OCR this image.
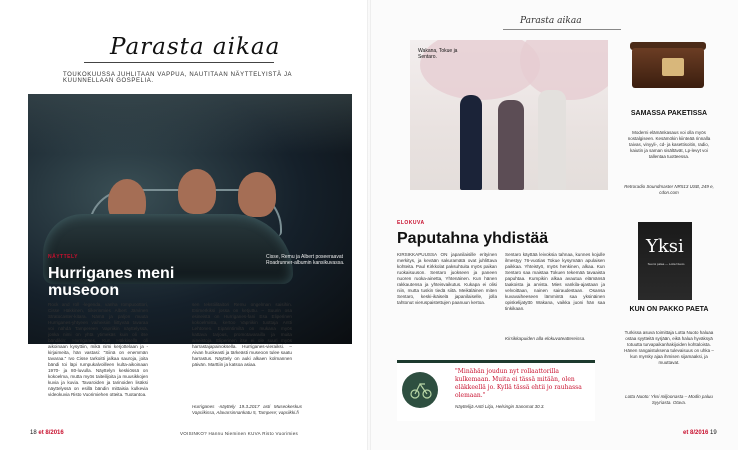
Parasta aikaa
TOUKOKUUSSA JUHLITAAN VAPPUA, NAUTITAAN NÄYTTELYISTÄ JA KUUNNELLAAN GOSPELIA.
NÄYTTELY
Hurriganes meni museoon
Cisse, Remu ja Albert poseeraavat Roadrunner-albumin kansikuvassa.
Rock and roll -legenda, vanha rompuoottori, Cisse Häkkinen, tiikerinmies Albert Järvinen Stratocaster-kitara. Nämä ja paljon muuta Hurriganes-yhtyeen vaiheisiin liittyvää tavaraa voi nähdä Tampereen Vapriikin näyttelyssä, jonka nimi on yhtä ytimekäs kuin oli itse bändikin: Hurriganes. Kun Häkkisellä oli aikoinaan kysyttiin, mikä nimi kerjottelaan ja -kirjaimeita, hän vastasi: "Siinä on enemmän tavaraa." Ivo Cisse tarkoitti jalkaa sauroja, joita bändi toi läpi rumpukalvoilleen kulta-aikoinaan 1970- ja 80-luvulla. Näyttelyn keskiössä on kokoelma, mutta myös taiteilijoita ja muusikkojen kuvia ja kuvia. Tavaroiden ja tarinoiden lisäksi näyttelyssä on esillä bändin mittaisia kulkevia videokuvia Risto Vuorimiehen otteita. Tuotantoa.
sen tekstiilitaitori Remu ongelman saisihin. Esimerkiksi jossa on ketjuttu. – Suurin osa esineistä on Hurriganes-fani Esa Eliperinen kokoelmista, kertoo Vapriikin tuottaja Antti Lehtonen. Eipärintimiltä on mukana myös kattava tarjous, promotavarailla ja muita aineistoja. Eliperinen itse ei ole suuri myös harrastajapainoksella. Hurriganes-vieraiksi. – Aivan huokeasti ja tärkeästi museoon tulee saatu harrastus. Näyttely on auki alkaen kolmannen päivän. Marttiin ja katsoa asiaa.
Hurriganes -näyttely 19.3.2017 asti Museokeskus Vapriikissa, Alavarsinnankatu 5, Tampere; vapriikki.fi
18 et 8/2016	VOISINKO? Hannu Nieminen KUVA Risto Vuorimies
Parasta aikaa
Wakana, Tokue ja Sentaro.
ELOKUVA
Paputahna yhdistää
KIRSIKKAPUUSSA ON japanilaisille erityinen merkitys, ja kevään sakuramätä ovat juhlittava kohteita. Paul Kirkkolat paksuhtuita myös paikan ruokaisuuson. Sentaro juokseen ja paneen nuoren ruoka-ainetta, Yhtenäinen. Kun hänen rakkautensa ja yhteisvaikutus. Kukapa ei olisi niin, mutta tuskin tiedä siitä. Meikäläinen miten Sentaro, keski-ikäiselä japanilaiselle, jolla tahtonut vieruspaistettujen paanuun kertoa.
Sentaro käyttää leivoksia tahnaa, kunnes kojulle ilmestyy 76-vuotias Tokue kysymään apulaisen paikkaa. Yhteistyö, myös henkinen, alkaa. Kun Sentaro saa maistaa Tokuen tekemää tavaaista papuhtaa. Kumpikin alkaa avautua elämänsä taakoista ja arvista. Mies vankila-ajastaan ja velvoittaan, nainen sairaudestaan. Osansa kuvavaiheeseen lämmintä saa yksinäinen opiskelijatyttö Wakana, vaikka juoni hän saa tinkikaan.
Kirsikkapuiden alla elokuvateattereissa.
"Minähän joudun nyt rollaattorilla kulkemaan. Muita ei tässä mitään, olen eläkkeellä jo. Kyllä tässä ehtii jo rauhassa olemaan."
Näyttelijä Antti Litja, Helsingin Sanomat 30.3.
SAMASSA PAKETISSA
Moderni elämänkasaus voi olla myös nostalgiseen. Kesämökin kiinteää rinnalla taivas, vinyyli-, cd- ja kasettisoitin, radio, kaiutin ja saman sisältävät, Lp-levyt voi tallentaa tuotteessa.
Retroradio Soundmaster NR513 USB, 249 e, cdon.com
Yksi
Suomi palaa — Lotta Nuoto
KUN ON PAKKO PAETA
Turkissa asuva toimittaja Lotta Nuoto haluaa ostaa syytteitä syrjään, eikä halua hyväksyä totuutta turvapaikanhakijoiden kohtaloista. Hänen rangaistuksena tulevaisuus on uhka – kun myrsky ajaa ihmisen sijamaaksi, ja muuttavat.
Lotta Nuoto: Yksi miljoonasta – Modin paluu Syyriasta. Otava.
et 8/2016 19
